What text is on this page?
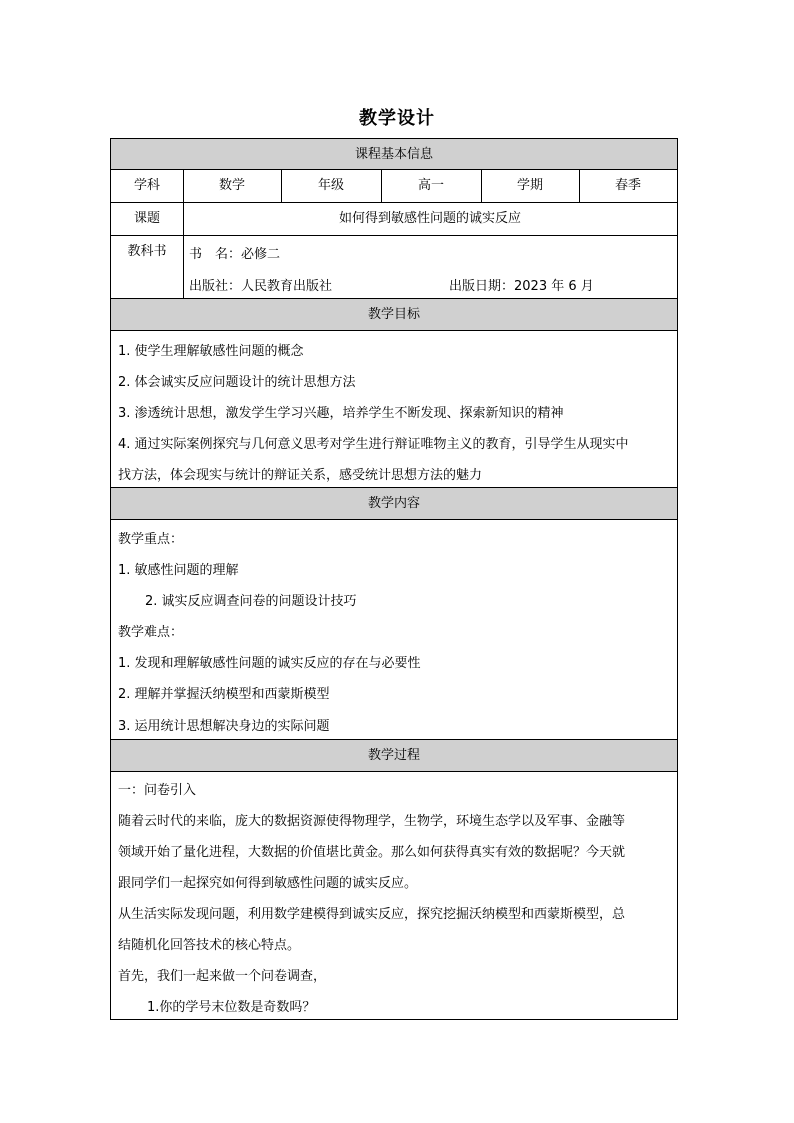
教学设计
课程基本信息
学科	数学	年级	高一	学期	春季
课题	如何得到敏感性问题的诚实反应
教科书	书　名：必修二
出版社：人民教育出版社	出版日期：2023 年 6 月
教学目标
1. 使学生理解敏感性问题的概念
2. 体会诚实反应问题设计的统计思想方法
3. 渗透统计思想，激发学生学习兴趣，培养学生不断发现、探索新知识的精神
4. 通过实际案例探究与几何意义思考对学生进行辩证唯物主义的教育，引导学生从现实中
找方法，体会现实与统计的辩证关系，感受统计思想方法的魅力
教学内容
教学重点：
1. 敏感性问题的理解
2. 诚实反应调查问卷的问题设计技巧
教学难点：
1. 发现和理解敏感性问题的诚实反应的存在与必要性
2. 理解并掌握沃纳模型和西蒙斯模型
3. 运用统计思想解决身边的实际问题
教学过程
一：问卷引入
随着云时代的来临，庞大的数据资源使得物理学，生物学，环境生态学以及军事、金融等
领域开始了量化进程，大数据的价值堪比黄金。那么如何获得真实有效的数据呢？今天就
跟同学们一起探究如何得到敏感性问题的诚实反应。
从生活实际发现问题，利用数学建模得到诚实反应，探究挖掘沃纳模型和西蒙斯模型，总
结随机化回答技术的核心特点。
首先，我们一起来做一个问卷调查，
1.你的学号末位数是奇数吗？
